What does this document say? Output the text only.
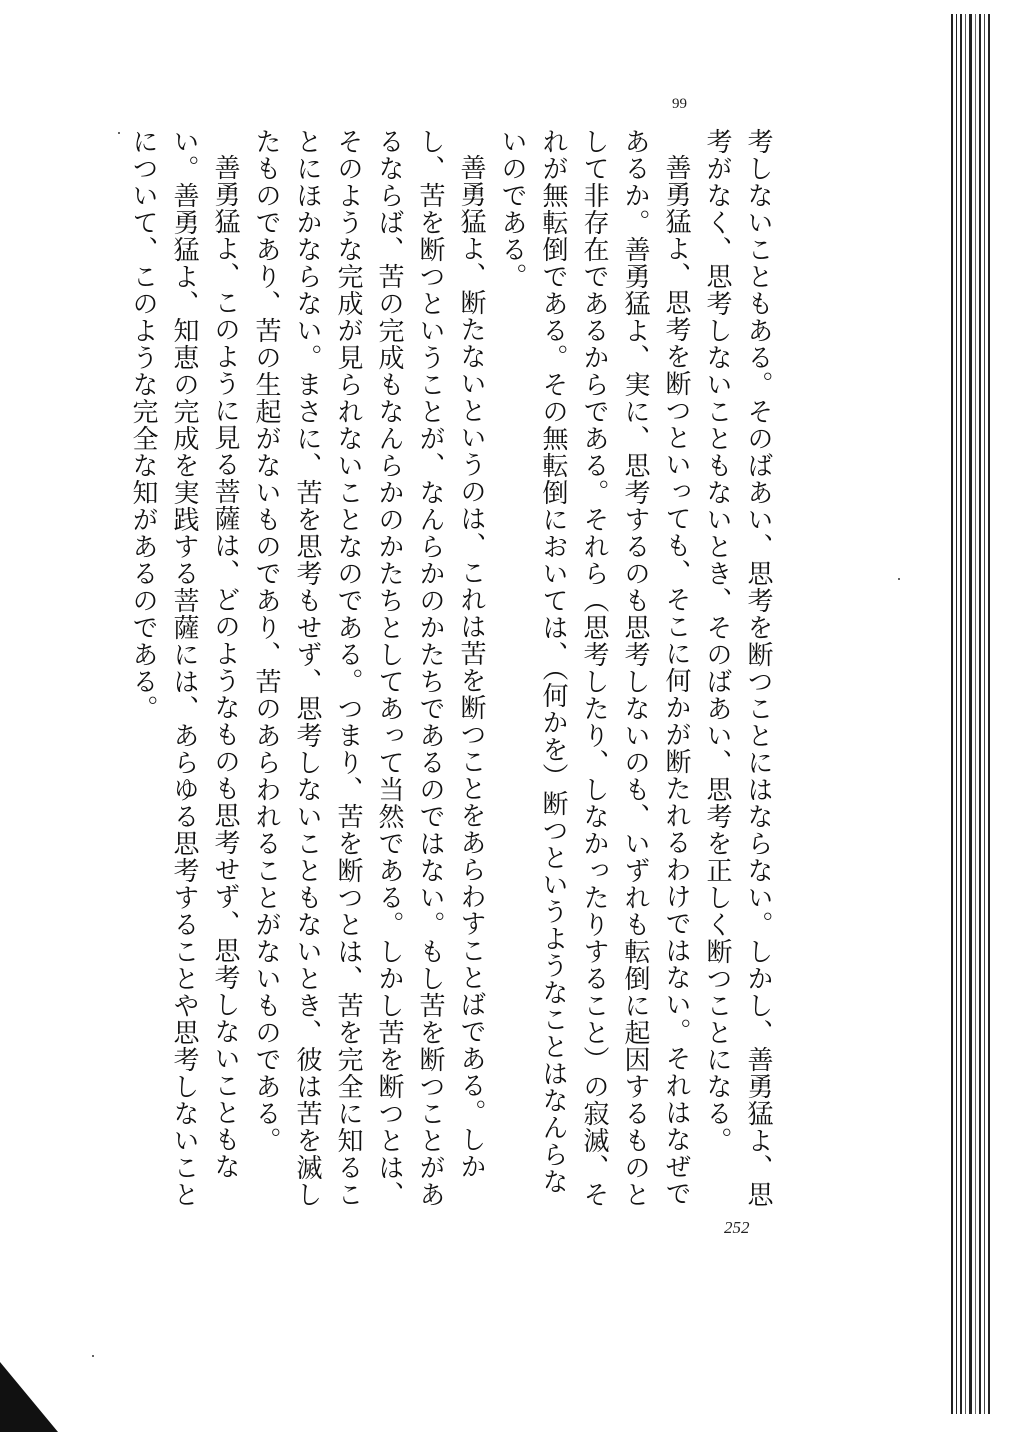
99

考しないこともある。そのばあい、思考を断つことにはならない。しかし、善勇猛よ、思考がなく、思考しないこともないとき、そのばあい、思考を正しく断つことになる。

善勇猛よ、思考を断つといっても、そこに何かが断たれるわけではない。それはなぜであるか。善勇猛よ、実に、思考するのも思考しないのも、いずれも転倒に起因するものとして非存在であるからである。それら（思考したり、しなかったりすること）の寂滅、それが無転倒である。その無転倒においては、（何かを）断つというようなことはなんらないのである。

善勇猛よ、断たないというのは、これは苦を断つことをあらわすことばである。しかし、苦を断つということが、なんらかのかたちであるのではない。もし苦を断つことがあるならば、苦の完成もなんらかのかたちとしてあって当然である。しかし苦を断つとは、そのような完成が見られないことなのである。つまり、苦を断つとは、苦を完全に知ることにほかならない。まさに、苦を思考もせず、思考しないこともないとき、彼は苦を滅したものであり、苦の生起がないものであり、苦のあらわれることがないものである。

善勇猛よ、このように見る菩薩は、どのようなものも思考せず、思考しないこともない。善勇猛よ、知恵の完成を実践する菩薩には、あらゆる思考することや思考しないことについて、このような完全な知があるのである。

252
